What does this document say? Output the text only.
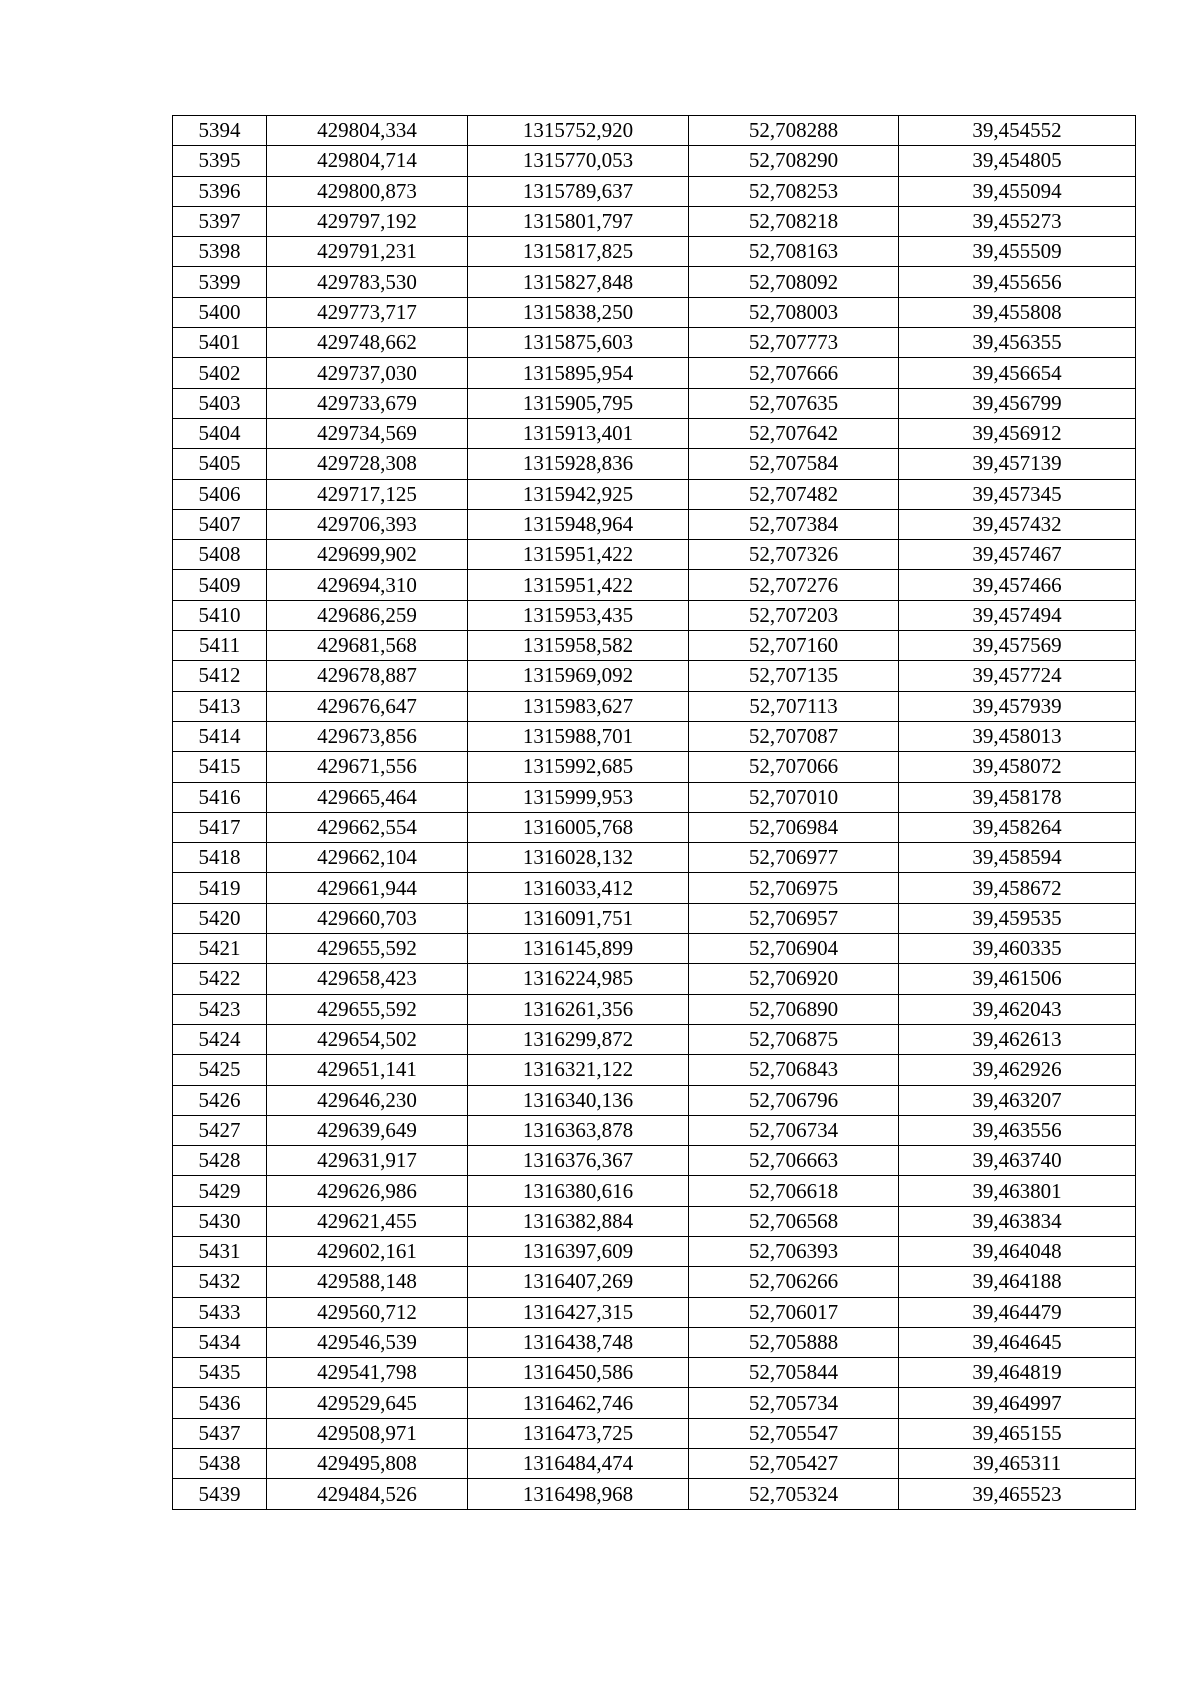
5394	429804,334	1315752,920	52,708288	39,454552
5395	429804,714	1315770,053	52,708290	39,454805
5396	429800,873	1315789,637	52,708253	39,455094
5397	429797,192	1315801,797	52,708218	39,455273
5398	429791,231	1315817,825	52,708163	39,455509
5399	429783,530	1315827,848	52,708092	39,455656
5400	429773,717	1315838,250	52,708003	39,455808
5401	429748,662	1315875,603	52,707773	39,456355
5402	429737,030	1315895,954	52,707666	39,456654
5403	429733,679	1315905,795	52,707635	39,456799
5404	429734,569	1315913,401	52,707642	39,456912
5405	429728,308	1315928,836	52,707584	39,457139
5406	429717,125	1315942,925	52,707482	39,457345
5407	429706,393	1315948,964	52,707384	39,457432
5408	429699,902	1315951,422	52,707326	39,457467
5409	429694,310	1315951,422	52,707276	39,457466
5410	429686,259	1315953,435	52,707203	39,457494
5411	429681,568	1315958,582	52,707160	39,457569
5412	429678,887	1315969,092	52,707135	39,457724
5413	429676,647	1315983,627	52,707113	39,457939
5414	429673,856	1315988,701	52,707087	39,458013
5415	429671,556	1315992,685	52,707066	39,458072
5416	429665,464	1315999,953	52,707010	39,458178
5417	429662,554	1316005,768	52,706984	39,458264
5418	429662,104	1316028,132	52,706977	39,458594
5419	429661,944	1316033,412	52,706975	39,458672
5420	429660,703	1316091,751	52,706957	39,459535
5421	429655,592	1316145,899	52,706904	39,460335
5422	429658,423	1316224,985	52,706920	39,461506
5423	429655,592	1316261,356	52,706890	39,462043
5424	429654,502	1316299,872	52,706875	39,462613
5425	429651,141	1316321,122	52,706843	39,462926
5426	429646,230	1316340,136	52,706796	39,463207
5427	429639,649	1316363,878	52,706734	39,463556
5428	429631,917	1316376,367	52,706663	39,463740
5429	429626,986	1316380,616	52,706618	39,463801
5430	429621,455	1316382,884	52,706568	39,463834
5431	429602,161	1316397,609	52,706393	39,464048
5432	429588,148	1316407,269	52,706266	39,464188
5433	429560,712	1316427,315	52,706017	39,464479
5434	429546,539	1316438,748	52,705888	39,464645
5435	429541,798	1316450,586	52,705844	39,464819
5436	429529,645	1316462,746	52,705734	39,464997
5437	429508,971	1316473,725	52,705547	39,465155
5438	429495,808	1316484,474	52,705427	39,465311
5439	429484,526	1316498,968	52,705324	39,465523
